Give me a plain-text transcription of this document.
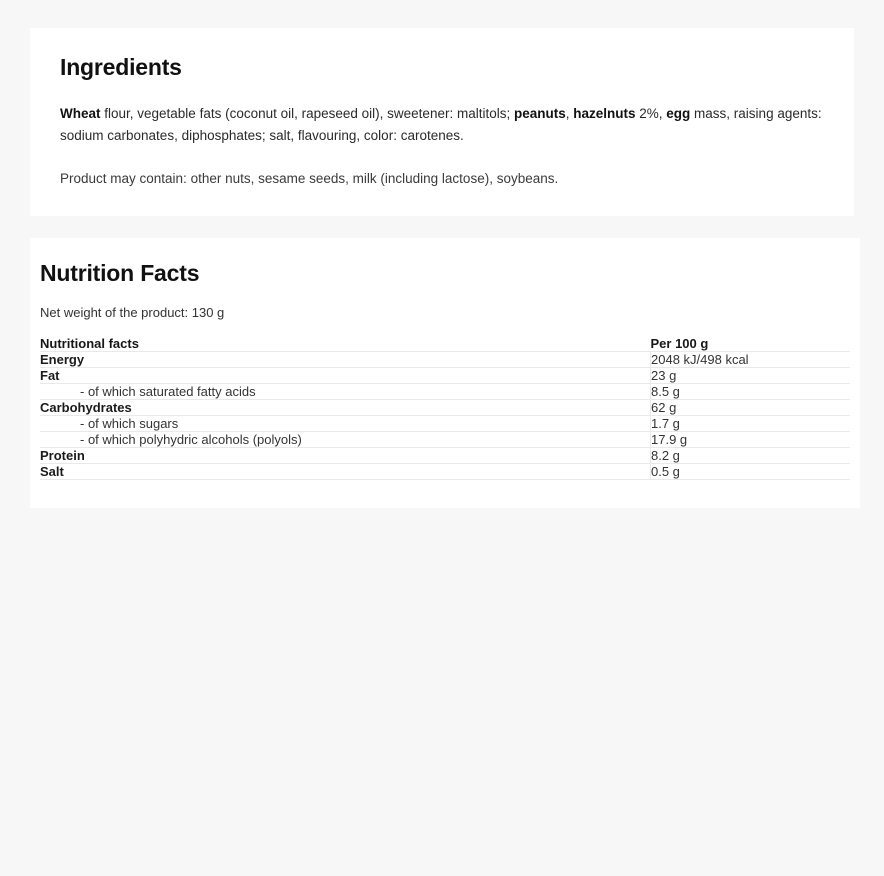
Ingredients

Wheat flour, vegetable fats (coconut oil, rapeseed oil), sweetener: maltitols; peanuts, hazelnuts 2%, egg mass, raising agents: sodium carbonates, diphosphates; salt, flavouring, color: carotenes.

Product may contain: other nuts, sesame seeds, milk (including lactose), soybeans.

Nutrition Facts
Net weight of the product: 130 g
Nutritional facts	Per 100 g
Energy	2048 kJ/498 kcal
Fat	23 g
- of which saturated fatty acids	8.5 g
Carbohydrates	62 g
- of which sugars	1.7 g
- of which polyhydric alcohols (polyols)	17.9 g
Protein	8.2 g
Salt	0.5 g
